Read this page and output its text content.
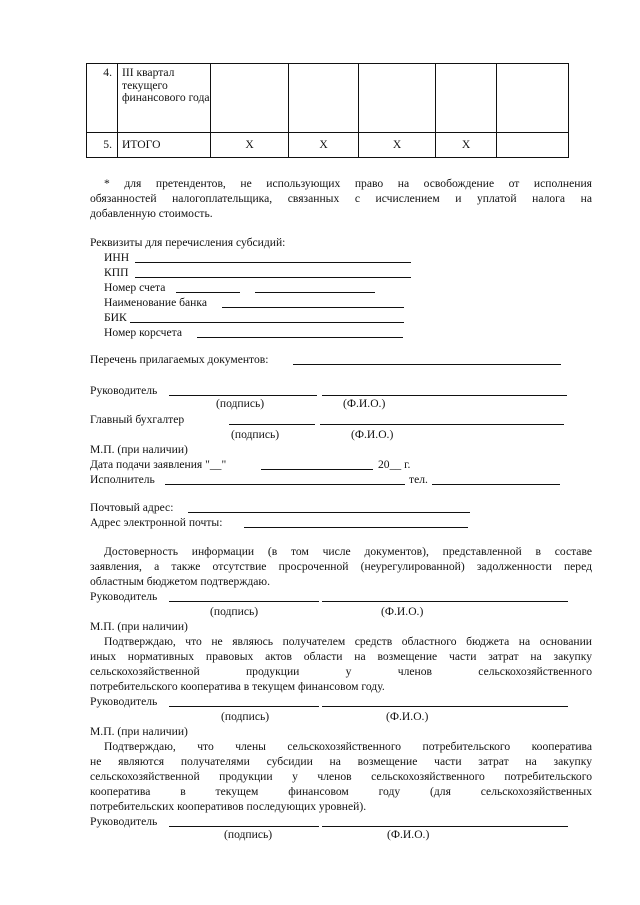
4.	III квартал текущего финансового года					
5.	ИТОГО	X	X	X	X	
* для претендентов, не использующих право на освобождение от исполнения
обязанностей налогоплательщика, связанных с исчислением и уплатой налога на
добавленную стоимость.
Реквизиты для перечисления субсидий:
ИНН
КПП
Номер счета
Наименование банка
БИК
Номер корсчета
Перечень прилагаемых документов:
Руководитель
(подпись)	(Ф.И.О.)
Главный бухгалтер
(подпись)	(Ф.И.О.)
М.П. (при наличии)
Дата подачи заявления "__"	20__ г.
Исполнитель	тел.
Почтовый адрес:
Адрес электронной почты:
Достоверность информации (в том числе документов), представленной в составе
заявления, а также отсутствие просроченной (неурегулированной) задолженности перед
областным бюджетом подтверждаю.
Руководитель
(подпись)	(Ф.И.О.)
М.П. (при наличии)
Подтверждаю, что не являюсь получателем средств областного бюджета на основании
иных нормативных правовых актов области на возмещение части затрат на закупку
сельскохозяйственной продукции у членов сельскохозяйственного
потребительского кооператива в текущем финансовом году.
Руководитель
(подпись)	(Ф.И.О.)
М.П. (при наличии)
Подтверждаю, что члены сельскохозяйственного потребительского кооператива
не являются получателями субсидии на возмещение части затрат на закупку
сельскохозяйственной продукции у членов сельскохозяйственного потребительского
кооператива в текущем финансовом году (для сельскохозяйственных
потребительских кооперативов последующих уровней).
Руководитель
(подпись)	(Ф.И.О.)
